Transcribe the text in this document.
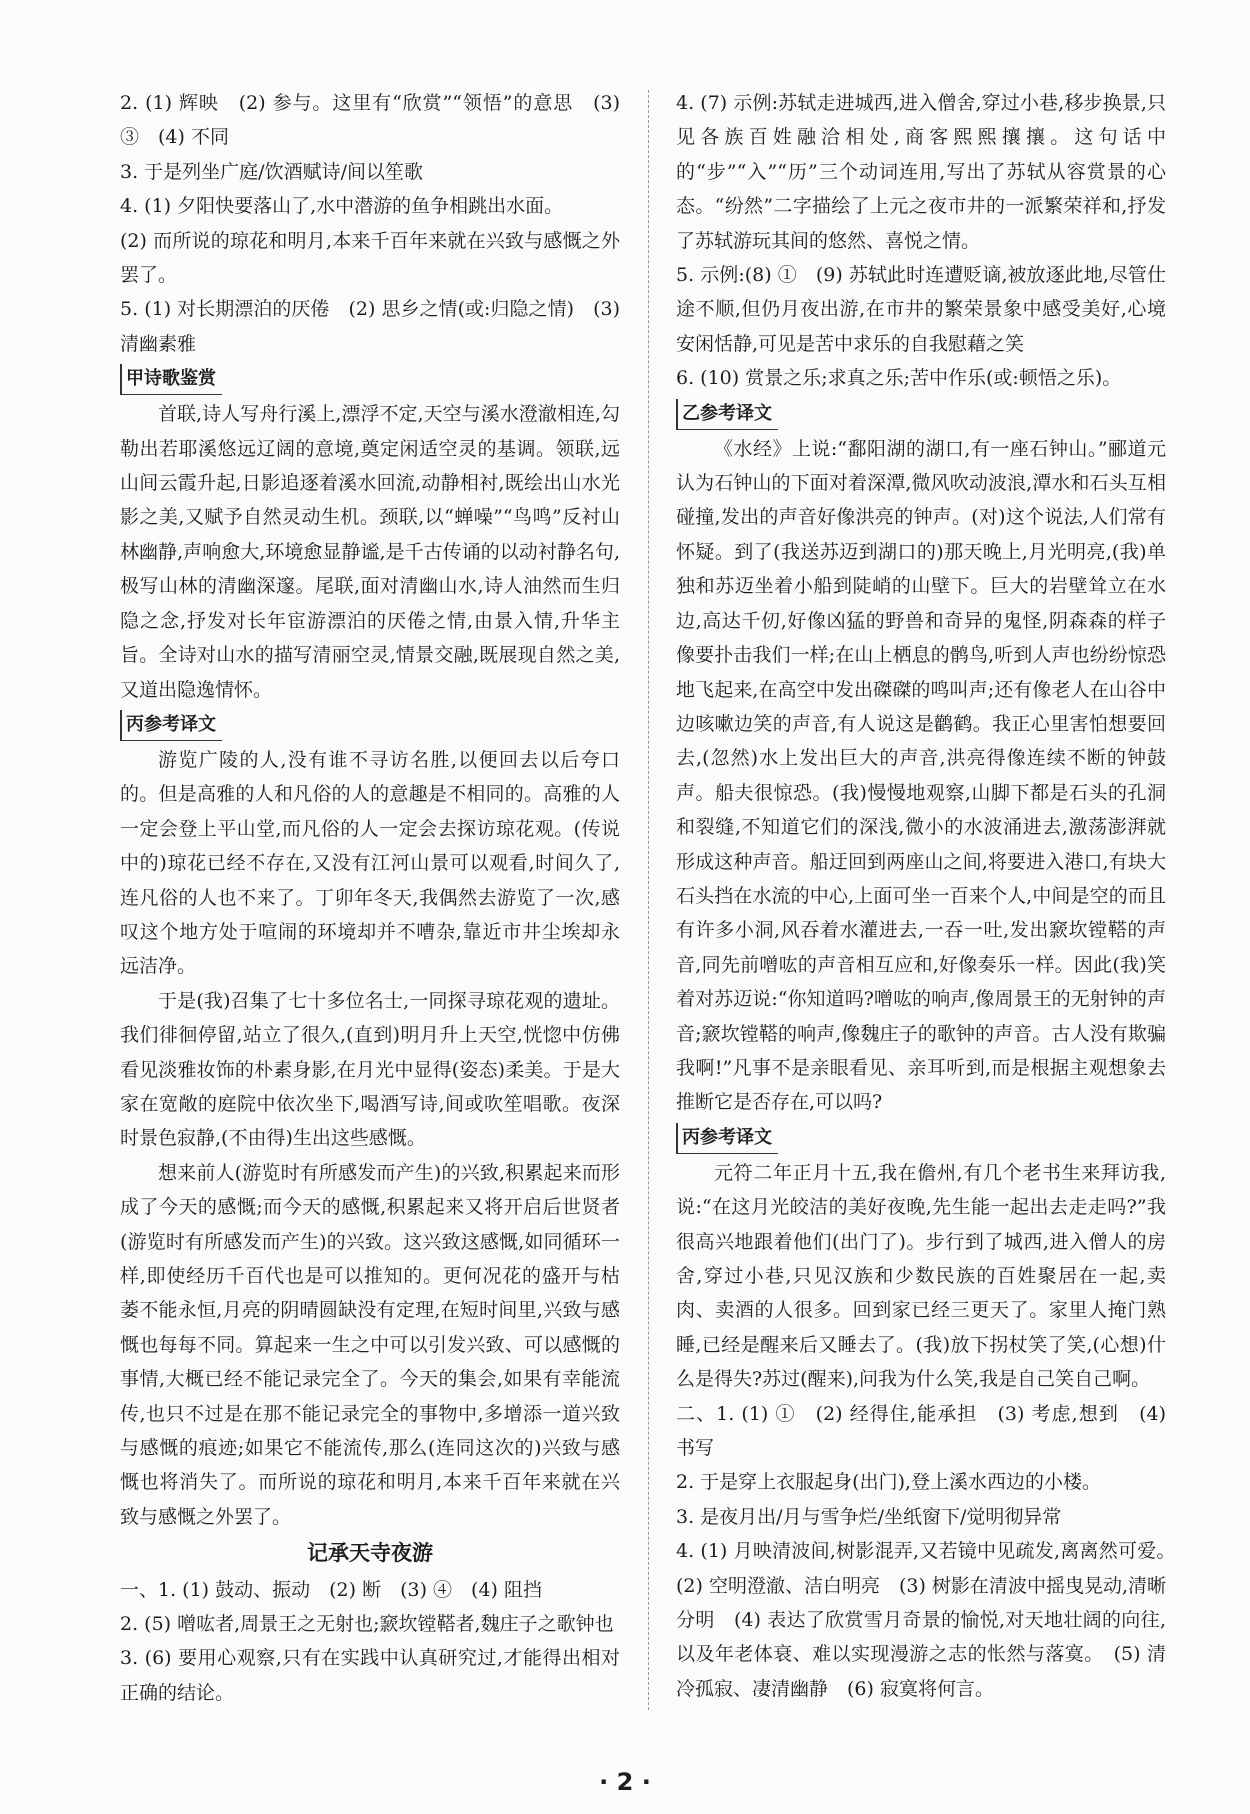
2. (1) 辉映　(2) 参与。这里有“欣赏”“领悟”的意思　(3) ③　(4) 不同

3. 于是列坐广庭/饮酒赋诗/间以笙歌

4. (1) 夕阳快要落山了,水中潜游的鱼争相跳出水面。

(2) 而所说的琼花和明月,本来千百年来就在兴致与感慨之外罢了。

5. (1) 对长期漂泊的厌倦　(2) 思乡之情(或:归隐之情)　(3) 清幽素雅

甲诗歌鉴赏

首联,诗人写舟行溪上,漂浮不定,天空与溪水澄澈相连,勾勒出若耶溪悠远辽阔的意境,奠定闲适空灵的基调。领联,远山间云霞升起,日影追逐着溪水回流,动静相衬,既绘出山水光影之美,又赋予自然灵动生机。颈联,以“蝉噪”“鸟鸣”反衬山林幽静,声响愈大,环境愈显静谧,是千古传诵的以动衬静名句,极写山林的清幽深邃。尾联,面对清幽山水,诗人油然而生归隐之念,抒发对长年宦游漂泊的厌倦之情,由景入情,升华主旨。全诗对山水的描写清丽空灵,情景交融,既展现自然之美,又道出隐逸情怀。

丙参考译文

游览广陵的人,没有谁不寻访名胜,以便回去以后夸口的。但是高雅的人和凡俗的人的意趣是不相同的。高雅的人一定会登上平山堂,而凡俗的人一定会去探访琼花观。(传说中的)琼花已经不存在,又没有江河山景可以观看,时间久了,连凡俗的人也不来了。丁卯年冬天,我偶然去游览了一次,感叹这个地方处于喧闹的环境却并不嘈杂,靠近市井尘埃却永远洁净。

于是(我)召集了七十多位名士,一同探寻琼花观的遗址。我们徘徊停留,站立了很久,(直到)明月升上天空,恍惚中仿佛看见淡雅妆饰的朴素身影,在月光中显得(姿态)柔美。于是大家在宽敞的庭院中依次坐下,喝酒写诗,间或吹笙唱歌。夜深时景色寂静,(不由得)生出这些感慨。

想来前人(游览时有所感发而产生)的兴致,积累起来而形成了今天的感慨;而今天的感慨,积累起来又将开启后世贤者(游览时有所感发而产生)的兴致。这兴致这感慨,如同循环一样,即使经历千百代也是可以推知的。更何况花的盛开与枯萎不能永恒,月亮的阴晴圆缺没有定理,在短时间里,兴致与感慨也每每不同。算起来一生之中可以引发兴致、可以感慨的事情,大概已经不能记录完全了。今天的集会,如果有幸能流传,也只不过是在那不能记录完全的事物中,多增添一道兴致与感慨的痕迹;如果它不能流传,那么(连同这次的)兴致与感慨也将消失了。而所说的琼花和明月,本来千百年来就在兴致与感慨之外罢了。

记承天寺夜游

一、1. (1) 鼓动、振动　(2) 断　(3) ④　(4) 阻挡

2. (5) 噌吰者,周景王之无射也;窾坎镗鞳者,魏庄子之歌钟也

3. (6) 要用心观察,只有在实践中认真研究过,才能得出相对正确的结论。

4. (7) 示例:苏轼走进城西,进入僧舍,穿过小巷,移步换景,只见各族百姓融洽相处,商客熙熙攘攘。这句话中的“步”“入”“历”三个动词连用,写出了苏轼从容赏景的心态。“纷然”二字描绘了上元之夜市井的一派繁荣祥和,抒发了苏轼游玩其间的悠然、喜悦之情。

5. 示例:(8) ①　(9) 苏轼此时连遭贬谪,被放逐此地,尽管仕途不顺,但仍月夜出游,在市井的繁荣景象中感受美好,心境安闲恬静,可见是苦中求乐的自我慰藉之笑

6. (10) 赏景之乐;求真之乐;苦中作乐(或:顿悟之乐)。

乙参考译文

《水经》上说:“鄱阳湖的湖口,有一座石钟山。”郦道元认为石钟山的下面对着深潭,微风吹动波浪,潭水和石头互相碰撞,发出的声音好像洪亮的钟声。(对)这个说法,人们常有怀疑。到了(我送苏迈到湖口的)那天晚上,月光明亮,(我)单独和苏迈坐着小船到陡峭的山壁下。巨大的岩壁耸立在水边,高达千仞,好像凶猛的野兽和奇异的鬼怪,阴森森的样子像要扑击我们一样;在山上栖息的鹘鸟,听到人声也纷纷惊恐地飞起来,在高空中发出磔磔的鸣叫声;还有像老人在山谷中边咳嗽边笑的声音,有人说这是鹳鹤。我正心里害怕想要回去,(忽然)水上发出巨大的声音,洪亮得像连续不断的钟鼓声。船夫很惊恐。(我)慢慢地观察,山脚下都是石头的孔洞和裂缝,不知道它们的深浅,微小的水波涌进去,激荡澎湃就形成这种声音。船迂回到两座山之间,将要进入港口,有块大石头挡在水流的中心,上面可坐一百来个人,中间是空的而且有许多小洞,风吞着水灌进去,一吞一吐,发出窾坎镗鞳的声音,同先前噌吰的声音相互应和,好像奏乐一样。因此(我)笑着对苏迈说:“你知道吗?噌吰的响声,像周景王的无射钟的声音;窾坎镗鞳的响声,像魏庄子的歌钟的声音。古人没有欺骗我啊!”凡事不是亲眼看见、亲耳听到,而是根据主观想象去推断它是否存在,可以吗?

丙参考译文

元符二年正月十五,我在儋州,有几个老书生来拜访我,说:“在这月光皎洁的美好夜晚,先生能一起出去走走吗?”我很高兴地跟着他们(出门了)。步行到了城西,进入僧人的房舍,穿过小巷,只见汉族和少数民族的百姓聚居在一起,卖肉、卖酒的人很多。回到家已经三更天了。家里人掩门熟睡,已经是醒来后又睡去了。(我)放下拐杖笑了笑,(心想)什么是得失?苏过(醒来),问我为什么笑,我是自己笑自己啊。

二、1. (1) ①　(2) 经得住,能承担　(3) 考虑,想到　(4) 书写

2. 于是穿上衣服起身(出门),登上溪水西边的小楼。

3. 是夜月出/月与雪争烂/坐纸窗下/觉明彻异常

4. (1) 月映清波间,树影混弄,又若镜中见疏发,离离然可爱。　(2) 空明澄澈、洁白明亮　(3) 树影在清波中摇曳晃动,清晰分明　(4) 表达了欣赏雪月奇景的愉悦,对天地壮阔的向往,以及年老体衰、难以实现漫游之志的怅然与落寞。　(5) 清冷孤寂、凄清幽静　(6) 寂寞将何言。

· 2 ·
